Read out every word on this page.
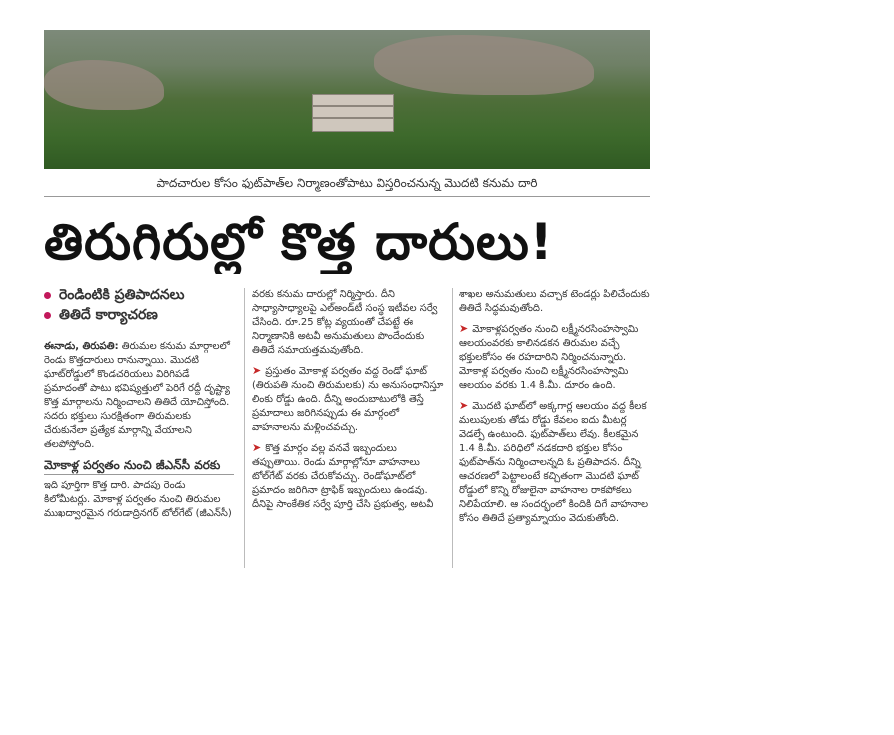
పాదచారుల కోసం ఫుట్‌పాత్‌ల నిర్మాణంతోపాటు విస్తరించనున్న మొదటి కనుమ దారి
తిరుగిరుల్లో కొత్త దారులు!
రెండింటికి ప్రతిపాదనలు
తితిదే కార్యాచరణ

ఈనాడు, తిరుపతి: తిరుమల కనుమ మార్గాలలో రెండు కొత్తదారులు రానున్నాయి. మొదటి ఘాట్‌రోడ్డులో కొండచరియలు విరిగిపడే ప్రమాదంతో పాటు భవిష్యత్తులో పెరిగే రద్దీ దృష్ట్యా కొత్త మార్గాలను నిర్మించాలని తితిదే యోచిస్తోంది. సదరు భక్తులు సురక్షితంగా తిరుమలకు చేరుకునేలా ప్రత్యేక మార్గాన్ని వేయాలని తలపోస్తోంది.

మోకాళ్ల పర్వతం నుంచి జీఎన్‌సీ వరకు

ఇది పూర్తిగా కొత్త దారి. పాదపు రెండు కిలోమీటర్లు. మోకాళ్ల పర్వతం నుంచి తిరుమల ముఖద్వారమైన గరుడాద్రినగర్ టోల్‌గేట్ (జీఎన్‌సీ)

వరకు కనుమ దారుల్లో నిర్మిస్తారు. దీని సాధ్యాసాధ్యాలపై ఎల్‌అండ్‌టీ సంస్థ ఇటీవల సర్వే చేసింది. రూ.25 కోట్ల వ్యయంతో చేపట్టే ఈ నిర్మాణానికి అటవీ అనుమతులు పొందేందుకు తితిదే సమాయత్తమవుతోంది.

➤ ప్రస్తుతం మోకాళ్ల పర్వతం వద్ద రెండో ఘాట్ (తిరుపతి నుంచి తిరుమలకు) ను అనుసంధానిస్తూ లింకు రోడ్డు ఉంది. దీన్ని అందుబాటులోకి తెస్తే ప్రమాదాలు జరిగినప్పుడు ఈ మార్గంలో వాహనాలను మళ్లించవచ్చు.

➤ కొత్త మార్గం వల్ల వనవే ఇబ్బందులు తప్పుతాయి. రెండు మార్గాల్లోనూ వాహనాలు టోల్‌గేట్ వరకు చేరుకోవచ్చు. రెండోఘాట్‌లో ప్రమాదం జరిగినా ట్రాఫిక్ ఇబ్బందులు ఉండవు. దీనిపై సాంకేతిక సర్వే పూర్తి చేసి ప్రభుత్వ, అటవీ

శాఖల అనుమతులు వచ్చాక టెండర్లు పిలిచేందుకు తితిదే సిద్ధమవుతోంది.

➤ మోకాళ్లపర్వతం నుంచి లక్ష్మీనరసింహస్వామి ఆలయంవరకు కాలినడకన తిరుమల వచ్చే భక్తులకోసం ఈ రహదారిని నిర్మించనున్నారు. మోకాళ్ల పర్వతం నుంచి లక్ష్మీనరసింహస్వామి ఆలయం వరకు 1.4 కి.మీ. దూరం ఉంది.

➤ మొదటి ఘాట్‌లో అక్కగార్ల ఆలయం వద్ద కీలక మలుపులకు తోడు రోడ్డు కేవలం ఐదు మీటర్ల వెడల్పే ఉంటుంది. ఫుట్‌పాత్‌లు లేవు. కీలకమైన 1.4 కి.మీ. పరిధిలో నడకదారి భక్తుల కోసం ఫుట్‌పాత్‌ను నిర్మించాలన్నది ఓ ప్రతిపాదన. దీన్ని ఆచరణలో పెట్టాలంటే కచ్చితంగా మొదటి ఘాట్ రోడ్డులో కొన్ని రోజులైనా వాహనాల రాకపోకలు నిలిపేయాలి. ఆ సందర్భంలో కిందికి దిగే వాహనాల కోసం తితిదే ప్రత్యామ్నాయం వెదుకుతోంది.
